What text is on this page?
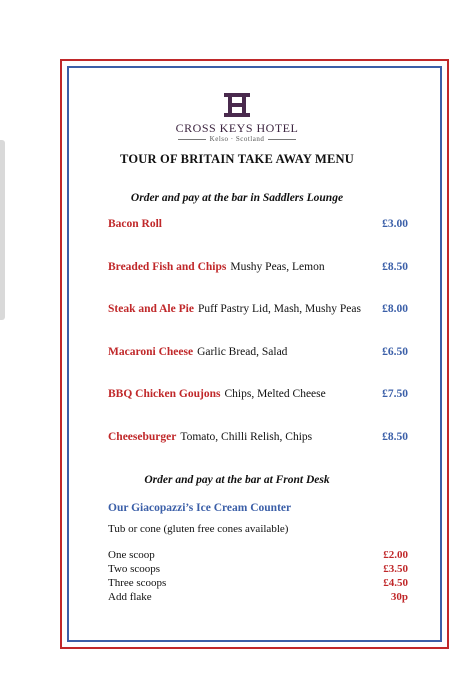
CROSS KEYS HOTEL
Kelso · Scotland
TOUR OF BRITAIN TAKE AWAY MENU
Order and pay at the bar in Saddlers Lounge
Bacon Roll	£3.00
Breaded Fish and Chips Mushy Peas, Lemon	£8.50
Steak and Ale Pie Puff Pastry Lid, Mash, Mushy Peas £8.00
Macaroni Cheese Garlic Bread, Salad	£6.50
BBQ Chicken Goujons Chips, Melted Cheese	£7.50
Cheeseburger Tomato, Chilli Relish, Chips	£8.50
Order and pay at the bar at Front Desk
Our Giacopazzi’s Ice Cream Counter
Tub or cone (gluten free cones available)
One scoop	£2.00
Two scoops	£3.50
Three scoops	£4.50
Add flake	30p
